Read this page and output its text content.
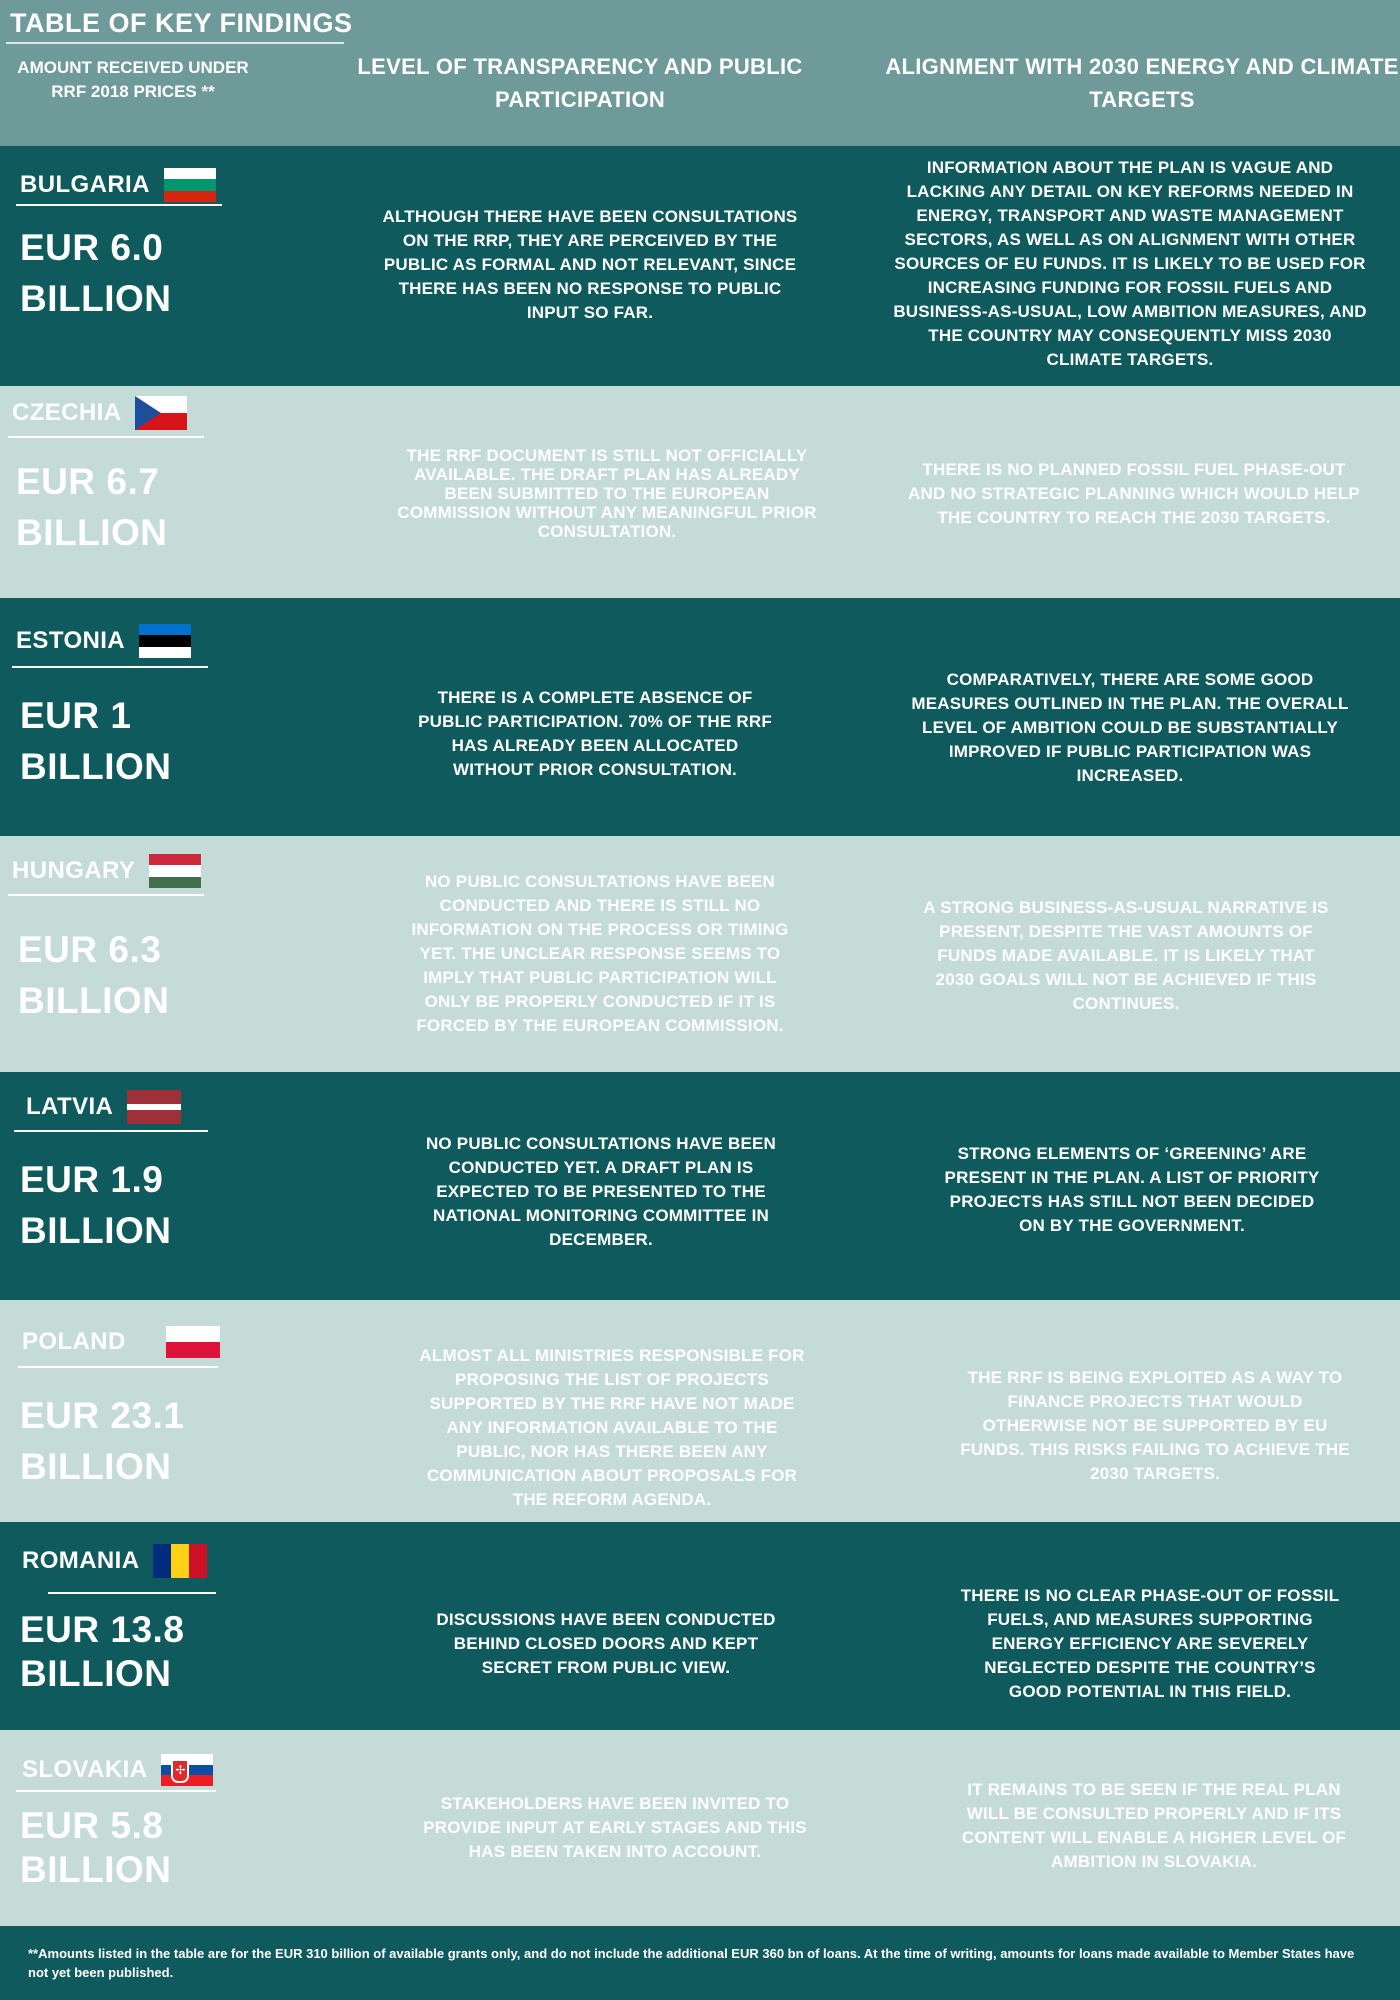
TABLE OF KEY FINDINGS
AMOUNT RECEIVED UNDER RRF 2018 PRICES **
LEVEL OF TRANSPARENCY AND PUBLIC PARTICIPATION
ALIGNMENT WITH 2030 ENERGY AND CLIMATE TARGETS
BULGARIA
EUR 6.0
BILLION
ALTHOUGH THERE HAVE BEEN CONSULTATIONS ON THE RRP, THEY ARE PERCEIVED BY THE PUBLIC AS FORMAL AND NOT RELEVANT, SINCE THERE HAS BEEN NO RESPONSE TO PUBLIC INPUT SO FAR.
INFORMATION ABOUT THE PLAN IS VAGUE AND LACKING ANY DETAIL ON KEY REFORMS NEEDED IN ENERGY, TRANSPORT AND WASTE MANAGEMENT SECTORS, AS WELL AS ON ALIGNMENT WITH OTHER SOURCES OF EU FUNDS. IT IS LIKELY TO BE USED FOR INCREASING FUNDING FOR FOSSIL FUELS AND BUSINESS-AS-USUAL, LOW AMBITION MEASURES, AND THE COUNTRY MAY CONSEQUENTLY MISS 2030 CLIMATE TARGETS.
CZECHIA
EUR 6.7
BILLION
THE RRF DOCUMENT IS STILL NOT OFFICIALLY AVAILABLE. THE DRAFT PLAN HAS ALREADY BEEN SUBMITTED TO THE EUROPEAN COMMISSION WITHOUT ANY MEANINGFUL PRIOR CONSULTATION.
THERE IS NO PLANNED FOSSIL FUEL PHASE-OUT AND NO STRATEGIC PLANNING WHICH WOULD HELP THE COUNTRY TO REACH THE 2030 TARGETS.
ESTONIA
EUR 1
BILLION
THERE IS A COMPLETE ABSENCE OF PUBLIC PARTICIPATION. 70% OF THE RRF HAS ALREADY BEEN ALLOCATED WITHOUT PRIOR CONSULTATION.
COMPARATIVELY, THERE ARE SOME GOOD MEASURES OUTLINED IN THE PLAN. THE OVERALL LEVEL OF AMBITION COULD BE SUBSTANTIALLY IMPROVED IF PUBLIC PARTICIPATION WAS INCREASED.
HUNGARY
EUR 6.3
BILLION
NO PUBLIC CONSULTATIONS HAVE BEEN CONDUCTED AND THERE IS STILL NO INFORMATION ON THE PROCESS OR TIMING YET. THE UNCLEAR RESPONSE SEEMS TO IMPLY THAT PUBLIC PARTICIPATION WILL ONLY BE PROPERLY CONDUCTED IF IT IS FORCED BY THE EUROPEAN COMMISSION.
A STRONG BUSINESS-AS-USUAL NARRATIVE IS PRESENT, DESPITE THE VAST AMOUNTS OF FUNDS MADE AVAILABLE. IT IS LIKELY THAT 2030 GOALS WILL NOT BE ACHIEVED IF THIS CONTINUES.
LATVIA
EUR 1.9
BILLION
NO PUBLIC CONSULTATIONS HAVE BEEN CONDUCTED YET. A DRAFT PLAN IS EXPECTED TO BE PRESENTED TO THE NATIONAL MONITORING COMMITTEE IN DECEMBER.
STRONG ELEMENTS OF ‘GREENING’ ARE PRESENT IN THE PLAN. A LIST OF PRIORITY PROJECTS HAS STILL NOT BEEN DECIDED ON BY THE GOVERNMENT.
POLAND
EUR 23.1
BILLION
ALMOST ALL MINISTRIES RESPONSIBLE FOR PROPOSING THE LIST OF PROJECTS SUPPORTED BY THE RRF HAVE NOT MADE ANY INFORMATION AVAILABLE TO THE PUBLIC, NOR HAS THERE BEEN ANY COMMUNICATION ABOUT PROPOSALS FOR THE REFORM AGENDA.
THE RRF IS BEING EXPLOITED AS A WAY TO FINANCE PROJECTS THAT WOULD OTHERWISE NOT BE SUPPORTED BY EU FUNDS. THIS RISKS FAILING TO ACHIEVE THE 2030 TARGETS.
ROMANIA
EUR 13.8
BILLION
DISCUSSIONS HAVE BEEN CONDUCTED BEHIND CLOSED DOORS AND KEPT SECRET FROM PUBLIC VIEW.
THERE IS NO CLEAR PHASE-OUT OF FOSSIL FUELS, AND MEASURES SUPPORTING ENERGY EFFICIENCY ARE SEVERELY NEGLECTED DESPITE THE COUNTRY’S GOOD POTENTIAL IN THIS FIELD.
SLOVAKIA	✢
EUR 5.8
BILLION
STAKEHOLDERS HAVE BEEN INVITED TO PROVIDE INPUT AT EARLY STAGES AND THIS HAS BEEN TAKEN INTO ACCOUNT.
IT REMAINS TO BE SEEN IF THE REAL PLAN WILL BE CONSULTED PROPERLY AND IF ITS CONTENT WILL ENABLE A HIGHER LEVEL OF AMBITION IN SLOVAKIA.
**Amounts listed in the table are for the EUR 310 billion of available grants only, and do not include the additional EUR 360 bn of loans. At the time of writing, amounts for loans made available to Member States have not yet been published.
